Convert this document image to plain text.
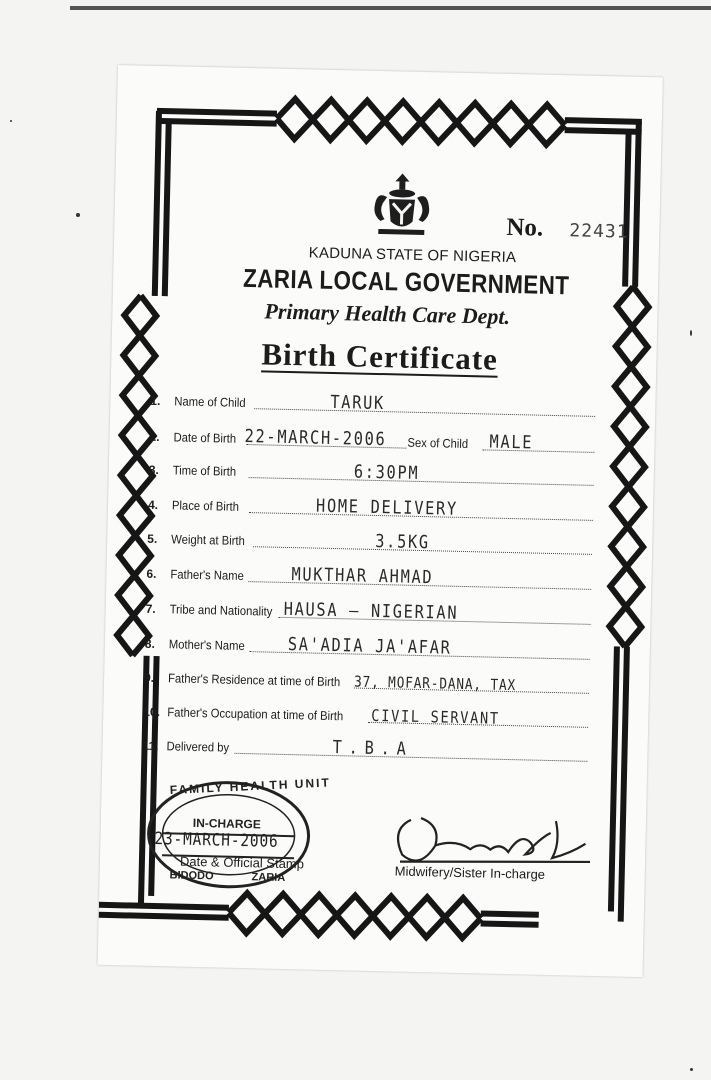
No. 22431
KADUNA STATE OF NIGERIA
ZARIA LOCAL GOVERNMENT
Primary Health Care Dept.
Birth Certificate
1. Name of Child	TARUK
2. Date of Birth 22-MARCH-2006 Sex of Child MALE
3. Time of Birth	6:30PM
4. Place of Birth	HOME DELIVERY
5. Weight at Birth	3.5KG
6. Father's Name	MUKTHAR AHMAD
7. Tribe and Nationality HAUSA — NIGERIAN
8. Mother's Name SA'ADIA JA'AFAR
9. Father's Residence at time of Birth 37, MOFAR-DANA, TAX
10. Father's Occupation at time of Birth CIVIL SERVANT
11. Delivered by	T.B.A
FAMILY HEALTH UNIT
IN-CHARGE
23-MARCH-2006
Date & Official Stamp
BIDODO	ZARIA	Midwifery/Sister In-charge
